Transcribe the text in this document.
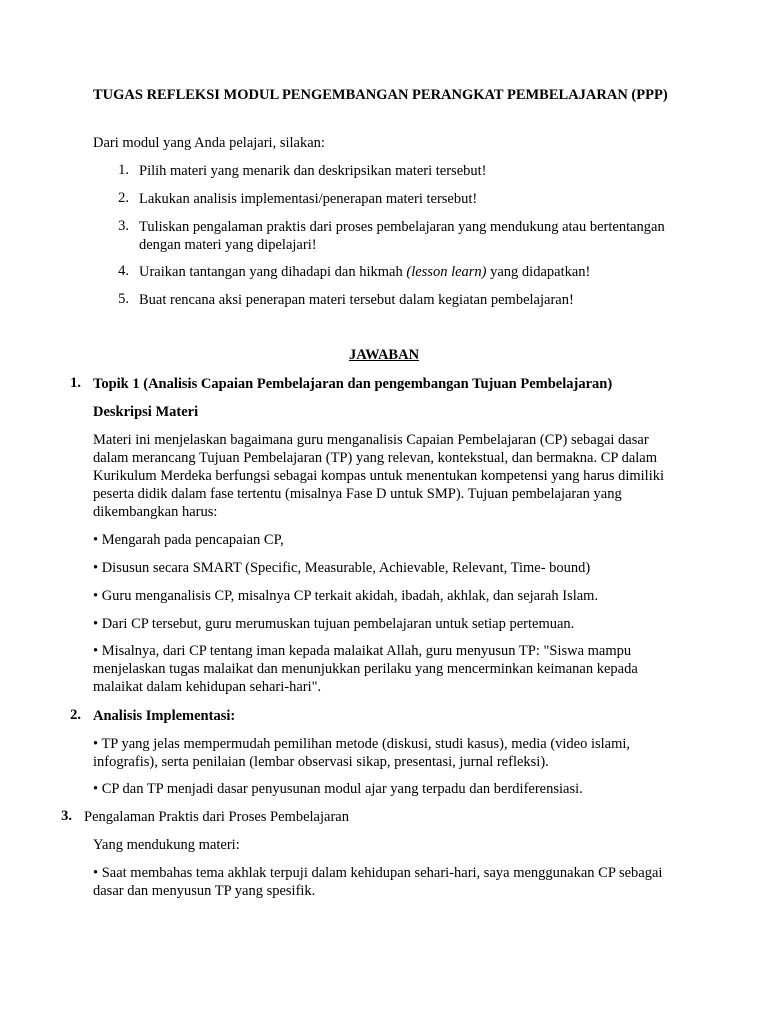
TUGAS REFLEKSI MODUL PENGEMBANGAN PERANGKAT PEMBELAJARAN (PPP)

Dari modul yang Anda pelajari, silakan:

1. Pilih materi yang menarik dan deskripsikan materi tersebut!

2. Lakukan analisis implementasi/penerapan materi tersebut!

3. Tuliskan pengalaman praktis dari proses pembelajaran yang mendukung atau bertentangan dengan materi yang dipelajari!

4. Uraikan tantangan yang dihadapi dan hikmah (lesson learn) yang didapatkan!

5. Buat rencana aksi penerapan materi tersebut dalam kegiatan pembelajaran!

JAWABAN

1. Topik 1 (Analisis Capaian Pembelajaran dan pengembangan Tujuan Pembelajaran)

Deskripsi Materi

Materi ini menjelaskan bagaimana guru menganalisis Capaian Pembelajaran (CP) sebagai dasar dalam merancang Tujuan Pembelajaran (TP) yang relevan, kontekstual, dan bermakna. CP dalam Kurikulum Merdeka berfungsi sebagai kompas untuk menentukan kompetensi yang harus dimiliki peserta didik dalam fase tertentu (misalnya Fase D untuk SMP). Tujuan pembelajaran yang dikembangkan harus:

• Mengarah pada pencapaian CP,

• Disusun secara SMART (Specific, Measurable, Achievable, Relevant, Time- bound)

• Guru menganalisis CP, misalnya CP terkait akidah, ibadah, akhlak, dan sejarah Islam.

• Dari CP tersebut, guru merumuskan tujuan pembelajaran untuk setiap pertemuan.

• Misalnya, dari CP tentang iman kepada malaikat Allah, guru menyusun TP: "Siswa mampu menjelaskan tugas malaikat dan menunjukkan perilaku yang mencerminkan keimanan kepada malaikat dalam kehidupan sehari-hari".

2. Analisis Implementasi:

• TP yang jelas mempermudah pemilihan metode (diskusi, studi kasus), media (video islami, infografis), serta penilaian (lembar observasi sikap, presentasi, jurnal refleksi).

• CP dan TP menjadi dasar penyusunan modul ajar yang terpadu dan berdiferensiasi.

3. Pengalaman Praktis dari Proses Pembelajaran

Yang mendukung materi:

• Saat membahas tema akhlak terpuji dalam kehidupan sehari-hari, saya menggunakan CP sebagai dasar dan menyusun TP yang spesifik.
